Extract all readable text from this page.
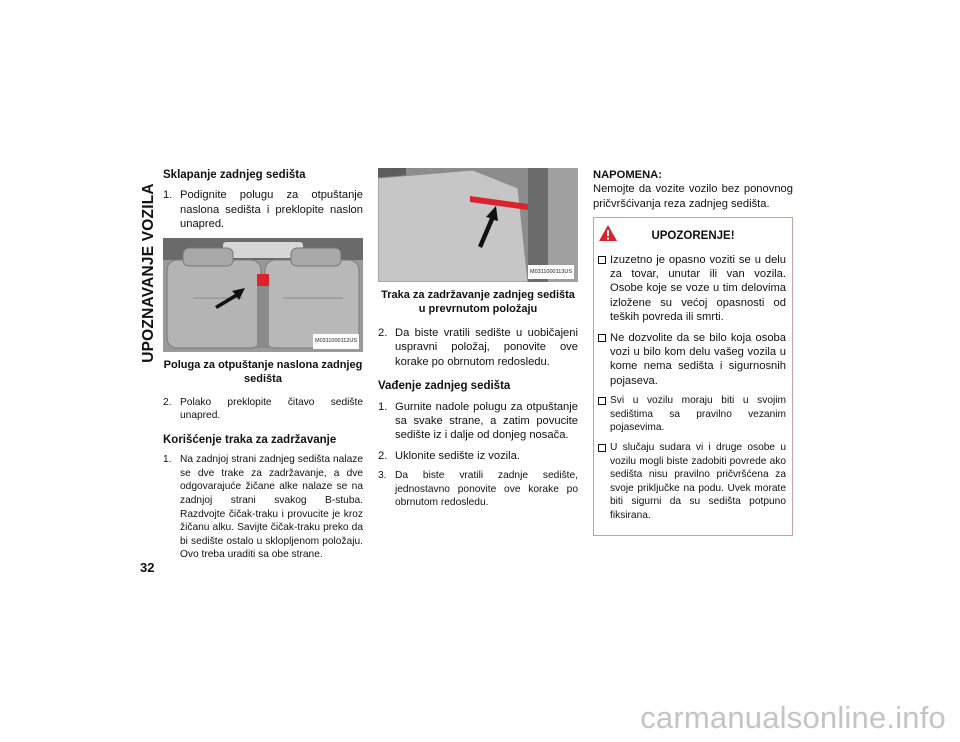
UPOZNAVANJE VOZILA
Sklapanje zadnjeg sedišta
1. Podignite polugu za otpuštanje naslona sedišta i preklopite naslon unapred.
M0311000112US
Poluga za otpuštanje naslona zadnjeg sedišta
2. Polako preklopite čitavo sedište unapred.
Korišćenje traka za zadržavanje
1. Na zadnjoj strani zadnjeg sedišta nalaze se dve trake za zadržavanje, a dve odgovarajuće žičane alke nalaze se na zadnjoj strani svakog B-stuba. Razdvojte čičak-traku i provucite je kroz žičanu alku. Savijte čičak-traku preko da bi sedište ostalo u sklopljenom položaju. Ovo treba uraditi sa obe strane.
M0311000113US
Traka za zadržavanje zadnjeg sedišta u prevrnutom položaju
2. Da biste vratili sedište u uobičajeni uspravni položaj, ponovite ove korake po obrnutom redosledu.
Vađenje zadnjeg sedišta
1. Gurnite nadole polugu za otpuštanje sa svake strane, a zatim povucite sedište iz i dalje od donjeg nosača.
2. Uklonite sedište iz vozila.
3. Da biste vratili zadnje sedište, jednostavno ponovite ove korake po obrnutom redosledu.

NAPOMENA:

Nemojte da vozite vozilo bez ponovnog pričvršćivanja reza zadnjeg sedišta.

UPOZORENJE!
Izuzetno je opasno voziti se u delu za tovar, unutar ili van vozila. Osobe koje se voze u tim delovima izložene su većoj opasnosti od teških povreda ili smrti.
Ne dozvolite da se bilo koja osoba vozi u bilo kom delu vašeg vozila u kome nema sedišta i sigurnosnih pojaseva.
Svi u vozilu moraju biti u svojim sedištima sa pravilno vezanim pojasevima.
U slučaju sudara vi i druge osobe u vozilu mogli biste zadobiti povrede ako sedišta nisu pravilno pričvršćena za svoje priključke na podu. Uvek morate biti sigurni da su sedišta potpuno fiksirana.
32
carmanualsonline.info
